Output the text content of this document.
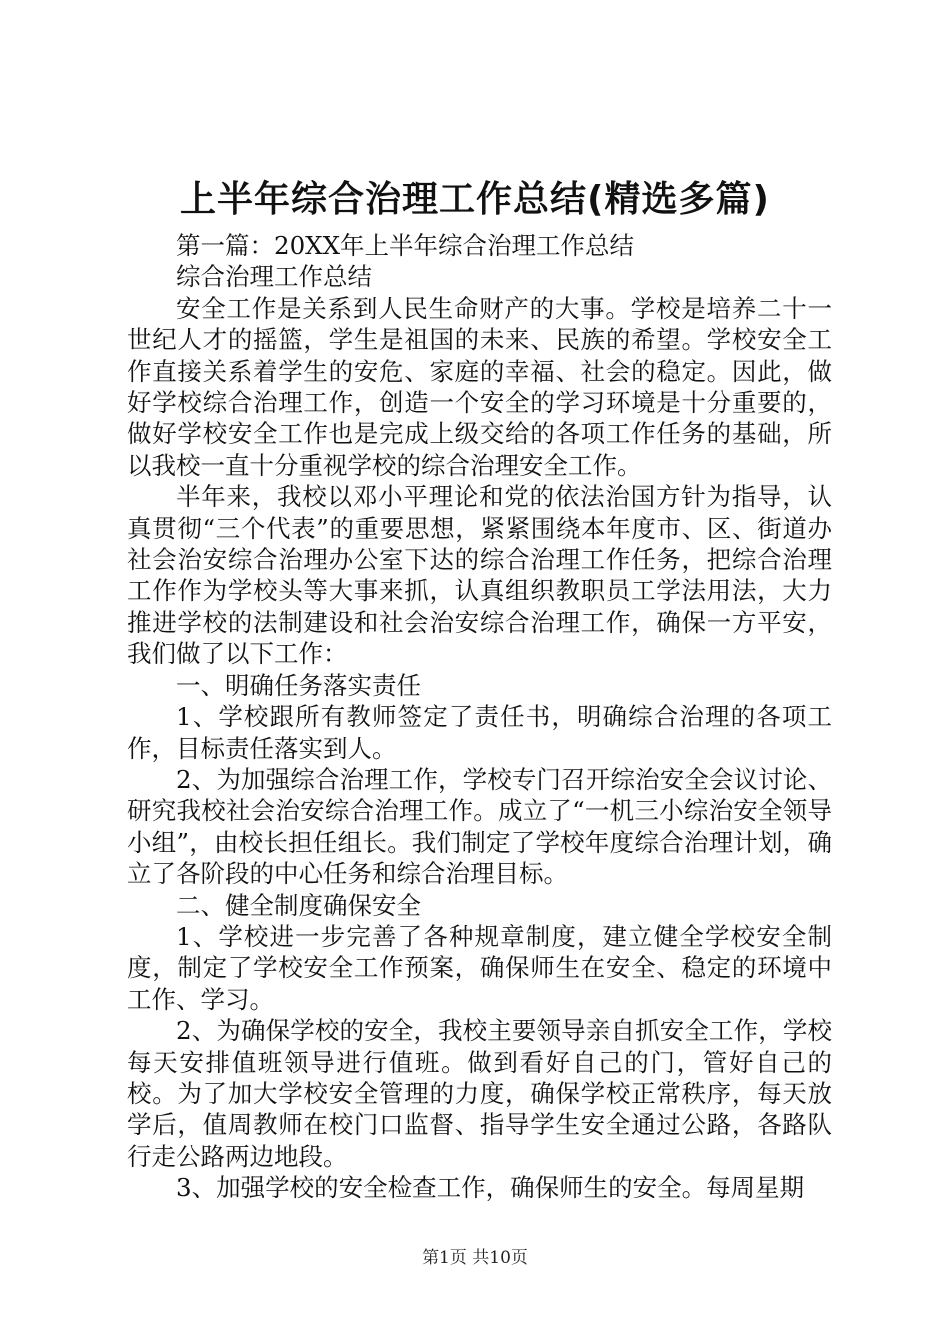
上半年综合治理工作总结(精选多篇)

第一篇：20XX年上半年综合治理工作总结

综合治理工作总结

安全工作是关系到人民生命财产的大事。学校是培养二十一世纪人才的摇篮，学生是祖国的未来、民族的希望。学校安全工作直接关系着学生的安危、家庭的幸福、社会的稳定。因此，做好学校综合治理工作，创造一个安全的学习环境是十分重要的，做好学校安全工作也是完成上级交给的各项工作任务的基础，所以我校一直十分重视学校的综合治理安全工作。

半年来，我校以邓小平理论和党的依法治国方针为指导，认真贯彻“三个代表”的重要思想，紧紧围绕本年度市、区、街道办社会治安综合治理办公室下达的综合治理工作任务，把综合治理工作作为学校头等大事来抓，认真组织教职员工学法用法，大力推进学校的法制建设和社会治安综合治理工作，确保一方平安，我们做了以下工作：

一、明确任务落实责任

1、学校跟所有教师签定了责任书，明确综合治理的各项工作，目标责任落实到人。

2、为加强综合治理工作，学校专门召开综治安全会议讨论、研究我校社会治安综合治理工作。成立了“一机三小综治安全领导小组”，由校长担任组长。我们制定了学校年度综合治理计划，确立了各阶段的中心任务和综合治理目标。

二、健全制度确保安全

1、学校进一步完善了各种规章制度，建立健全学校安全制度，制定了学校安全工作预案，确保师生在安全、稳定的环境中工作、学习。

2、为确保学校的安全，我校主要领导亲自抓安全工作，学校每天安排值班领导进行值班。做到看好自己的门，管好自己的校。为了加大学校安全管理的力度，确保学校正常秩序，每天放学后，值周教师在校门口监督、指导学生安全通过公路，各路队行走公路两边地段。

3、加强学校的安全检查工作，确保师生的安全。每周星期

第1页 共10页
